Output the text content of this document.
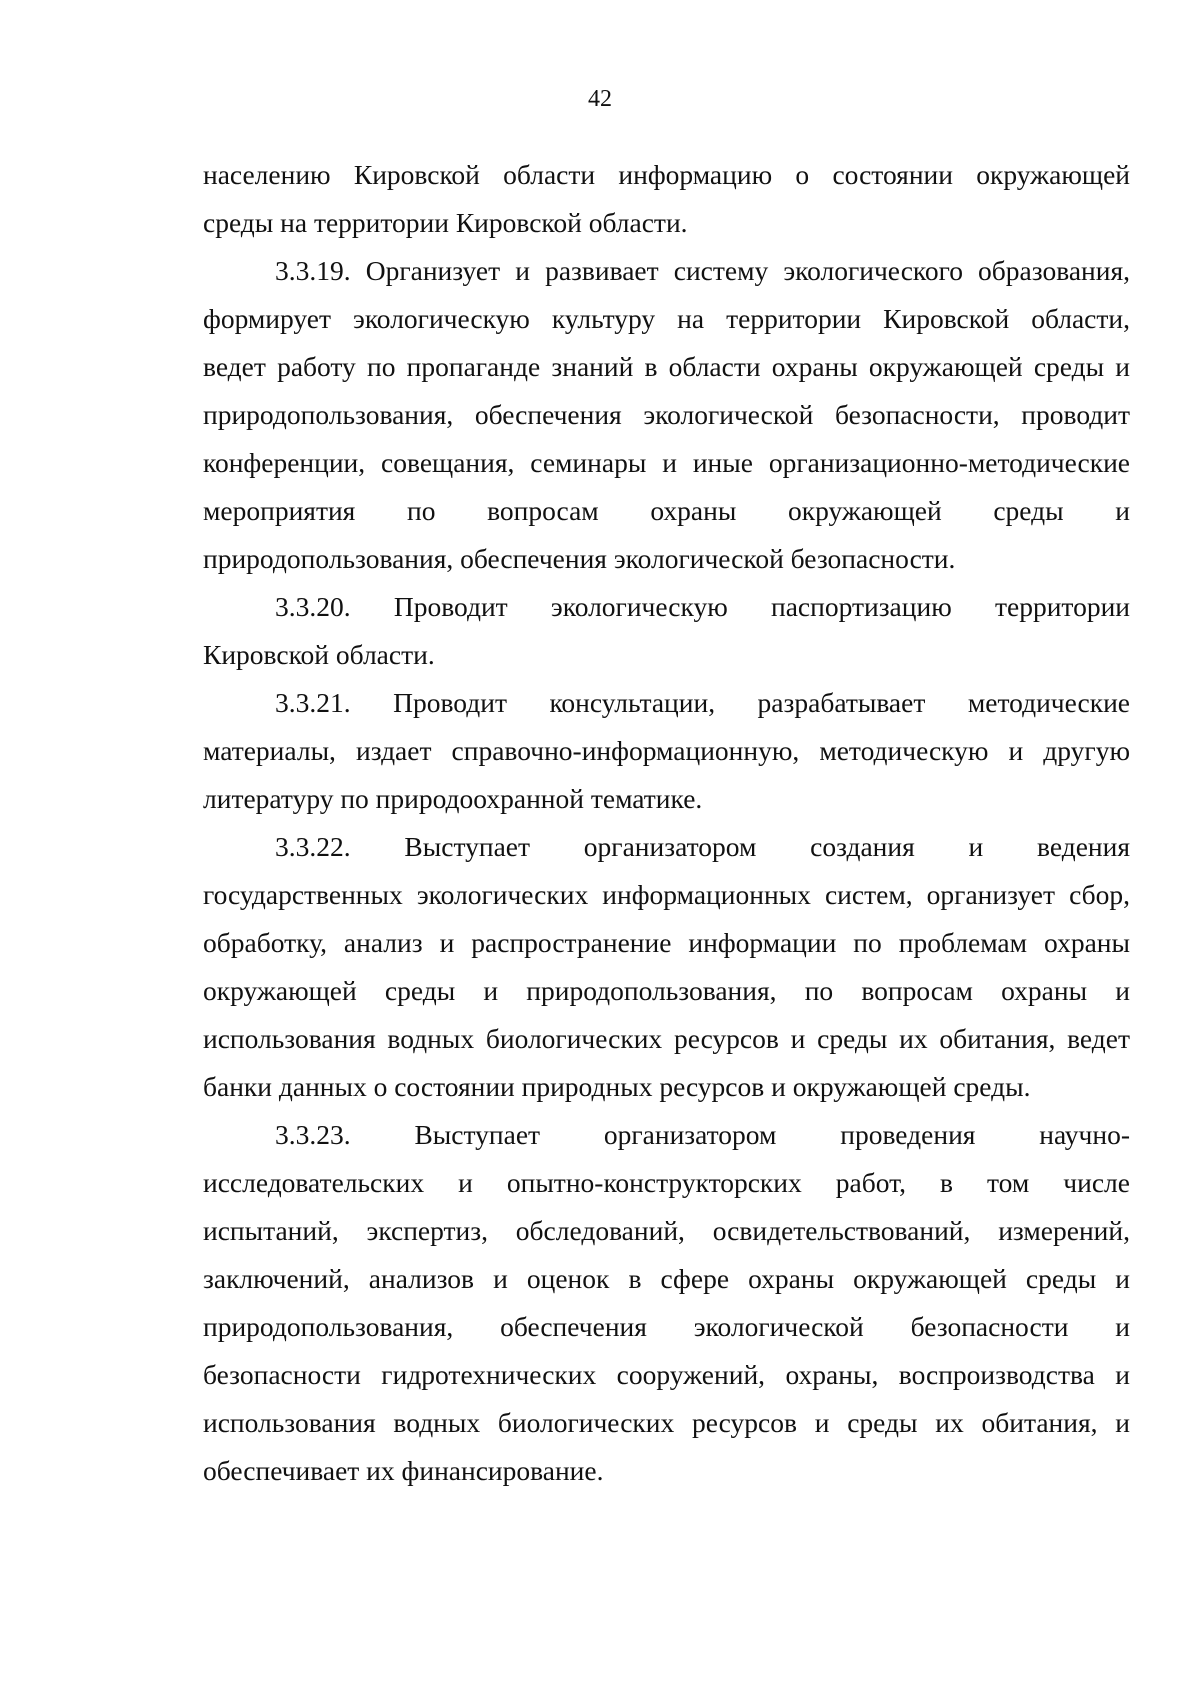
42
населению Кировской области информацию о состоянии окружающей
среды на территории Кировской области.
3.3.19. Организует и развивает систему экологического образования,
формирует экологическую культуру на территории Кировской области,
ведет работу по пропаганде знаний в области охраны окружающей среды и
природопользования, обеспечения экологической безопасности, проводит
конференции, совещания, семинары и иные организационно-методические
мероприятия по вопросам охраны окружающей среды и
природопользования, обеспечения экологической безопасности.
3.3.20. Проводит экологическую паспортизацию территории
Кировской области.
3.3.21. Проводит консультации, разрабатывает методические
материалы, издает справочно-информационную, методическую и другую
литературу по природоохранной тематике.
3.3.22. Выступает организатором создания и ведения
государственных экологических информационных систем, организует сбор,
обработку, анализ и распространение информации по проблемам охраны
окружающей среды и природопользования, по вопросам охраны и
использования водных биологических ресурсов и среды их обитания, ведет
банки данных о состоянии природных ресурсов и окружающей среды.
3.3.23. Выступает организатором проведения научно-
исследовательских и опытно-конструкторских работ, в том числе
испытаний, экспертиз, обследований, освидетельствований, измерений,
заключений, анализов и оценок в сфере охраны окружающей среды и
природопользования, обеспечения экологической безопасности и
безопасности гидротехнических сооружений, охраны, воспроизводства и
использования водных биологических ресурсов и среды их обитания, и
обеспечивает их финансирование.
